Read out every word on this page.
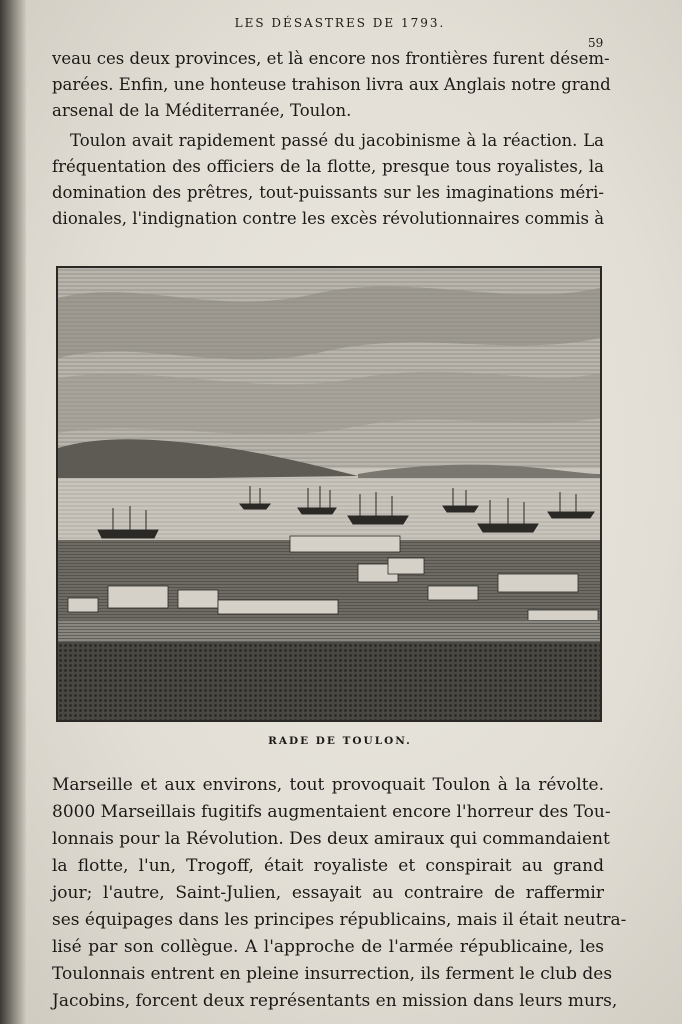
LES DÉSASTRES DE 1793.
59
veau ces deux provinces, et là encore nos frontières furent désem-
parées. Enfin, une honteuse trahison livra aux Anglais notre grand
arsenal de la Méditerranée, Toulon.
Toulon avait rapidement passé du jacobinisme à la réaction. La
fréquentation des officiers de la flotte, presque tous royalistes, la
domination des prêtres, tout-puissants sur les imaginations méri-
dionales, l'indignation contre les excès révolutionnaires commis à
RADE DE TOULON.
Marseille et aux environs, tout provoquait Toulon à la révolte.
8000 Marseillais fugitifs augmentaient encore l'horreur des Tou-
lonnais pour la Révolution. Des deux amiraux qui commandaient
la flotte, l'un, Trogoff, était royaliste et conspirait au grand
jour; l'autre, Saint-Julien, essayait au contraire de raffermir
ses équipages dans les principes républicains, mais il était neutra-
lisé par son collègue. A l'approche de l'armée républicaine, les
Toulonnais entrent en pleine insurrection, ils ferment le club des
Jacobins, forcent deux représentants en mission dans leurs murs,
